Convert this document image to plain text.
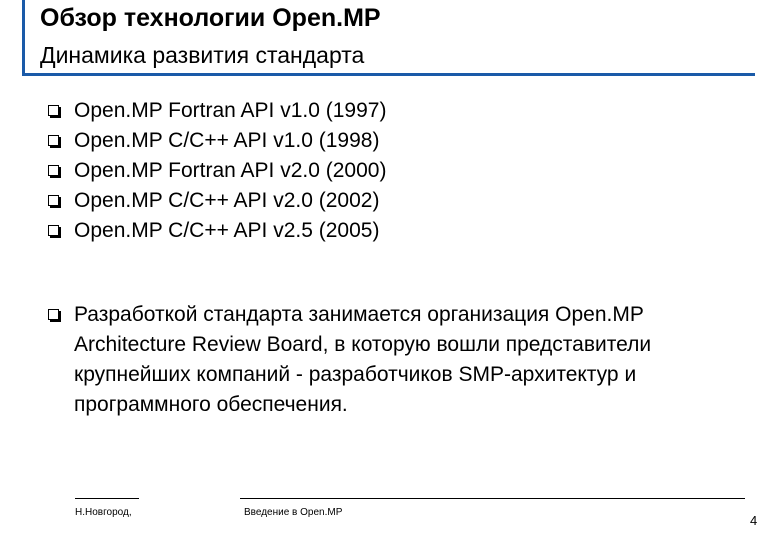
Обзор технологии Open.MP
Динамика развития стандарта
Open.MP Fortran API v1.0 (1997)
Open.MP C/C++ API v1.0 (1998)
Open.MP Fortran API v2.0 (2000)
Open.MP C/C++ API v2.0 (2002)
Open.MP C/C++ API v2.5 (2005)
Разработкой стандарта занимается организация Open.MP Architecture Review Board, в которую вошли представители крупнейших компаний - разработчиков SMP-архитектур и программного обеспечения.
Н.Новгород,	Введение в Open.MP
4
